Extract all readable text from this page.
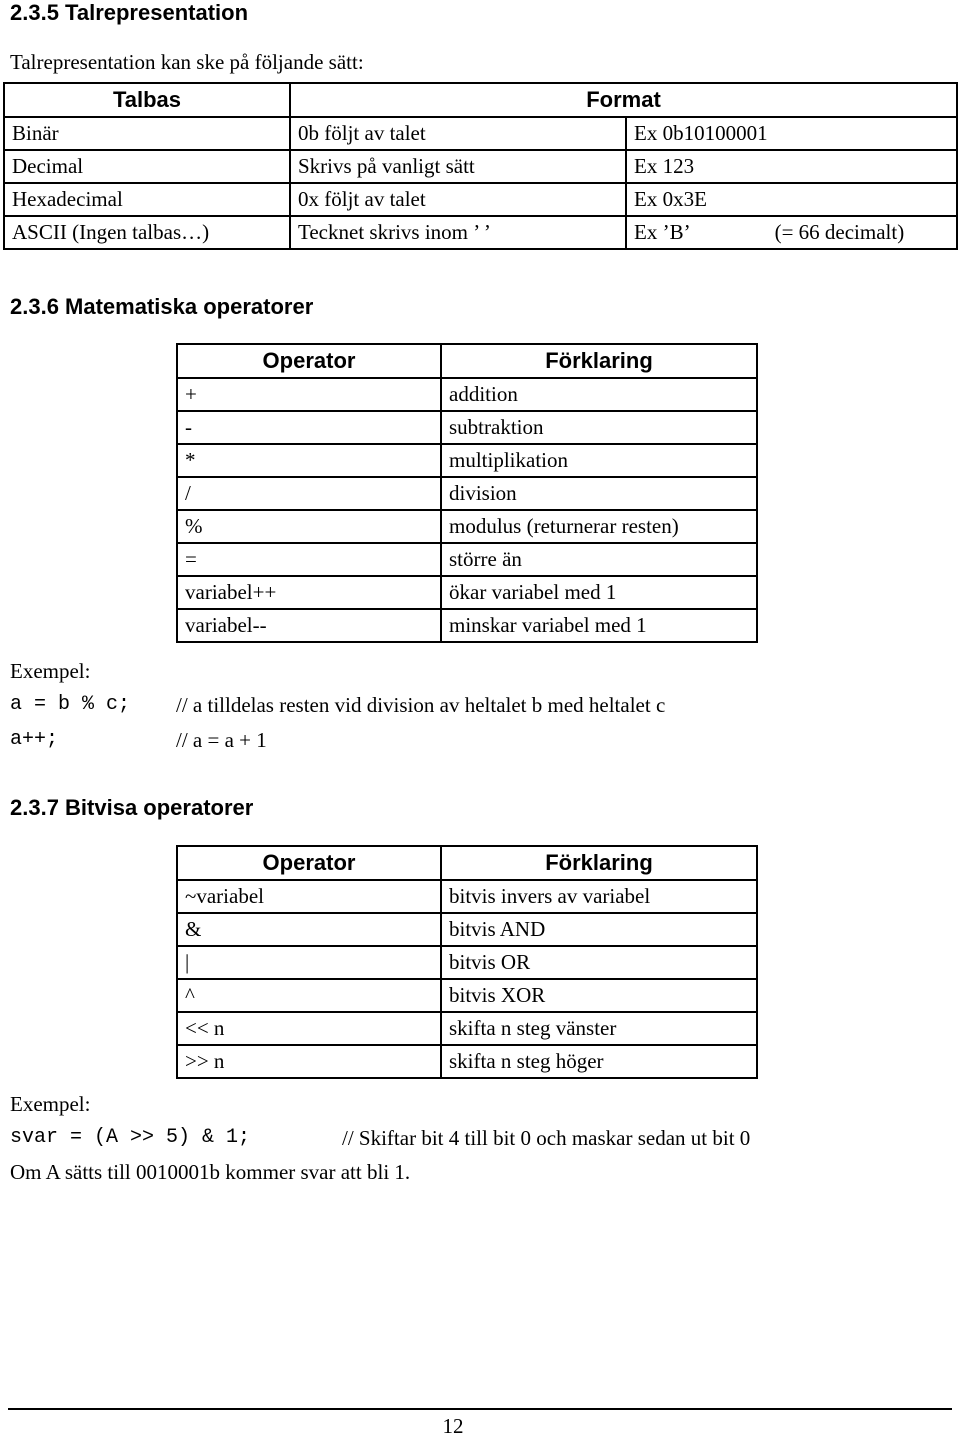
2.3.5 Talrepresentation
Talrepresentation kan ske på följande sätt:
Talbas	Format	
Binär	0b följt av talet	Ex 0b10100001
Decimal	Skrivs på vanligt sätt	Ex 123
Hexadecimal	0x följt av talet	Ex 0x3E
ASCII (Ingen talbas…)	Tecknet skrivs inom ’ ’	Ex ’B’ (= 66 decimalt)
2.3.6 Matematiska operatorer
Operator	Förklaring
+	addition
-	subtraktion
*	multiplikation
/	division
%	modulus (returnerar resten)
=	större än
variabel++	ökar variabel med 1
variabel--	minskar variabel med 1
Exempel:
a = b % c; // a tilldelas resten vid division av heltalet b med heltalet c
a++;	// a = a + 1
2.3.7 Bitvisa operatorer
Operator	Förklaring
~variabel	bitvis invers av variabel
&	bitvis AND
|	bitvis OR
^	bitvis XOR
<< n	skifta n steg vänster
>> n	skifta n steg höger
Exempel:
svar = (A >> 5) & 1;	// Skiftar bit 4 till bit 0 och maskar sedan ut bit 0
Om A sätts till 0010001b kommer svar att bli 1.
12
